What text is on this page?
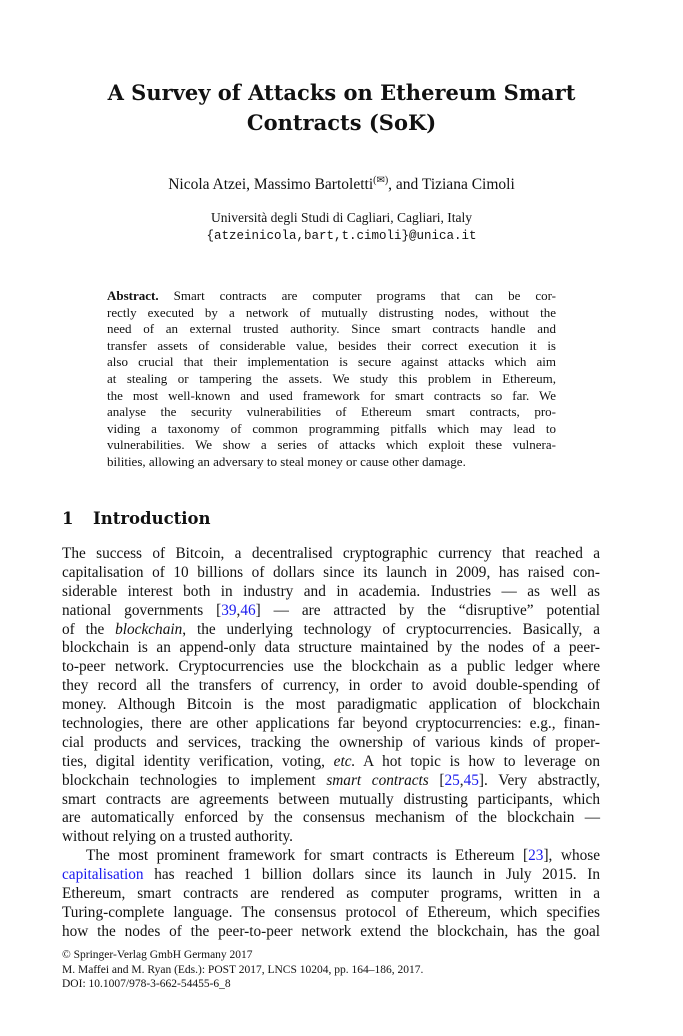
A Survey of Attacks on Ethereum Smart
Contracts (SoK)
Nicola Atzei, Massimo Bartoletti(✉), and Tiziana Cimoli
Università degli Studi di Cagliari, Cagliari, Italy
{atzeinicola,bart,t.cimoli}@unica.it
Abstract. Smart contracts are computer programs that can be cor-
rectly executed by a network of mutually distrusting nodes, without the
need of an external trusted authority. Since smart contracts handle and
transfer assets of considerable value, besides their correct execution it is
also crucial that their implementation is secure against attacks which aim
at stealing or tampering the assets. We study this problem in Ethereum,
the most well-known and used framework for smart contracts so far. We
analyse the security vulnerabilities of Ethereum smart contracts, pro-
viding a taxonomy of common programming pitfalls which may lead to
vulnerabilities. We show a series of attacks which exploit these vulnera-
bilities, allowing an adversary to steal money or cause other damage.
1 Introduction
The success of Bitcoin, a decentralised cryptographic currency that reached a
capitalisation of 10 billions of dollars since its launch in 2009, has raised con-
siderable interest both in industry and in academia. Industries — as well as
national governments [39,46] — are attracted by the “disruptive” potential
of the blockchain, the underlying technology of cryptocurrencies. Basically, a
blockchain is an append-only data structure maintained by the nodes of a peer-
to-peer network. Cryptocurrencies use the blockchain as a public ledger where
they record all the transfers of currency, in order to avoid double-spending of
money. Although Bitcoin is the most paradigmatic application of blockchain
technologies, there are other applications far beyond cryptocurrencies: e.g., finan-
cial products and services, tracking the ownership of various kinds of proper-
ties, digital identity verification, voting, etc. A hot topic is how to leverage on
blockchain technologies to implement smart contracts [25,45]. Very abstractly,
smart contracts are agreements between mutually distrusting participants, which
are automatically enforced by the consensus mechanism of the blockchain —
without relying on a trusted authority.
The most prominent framework for smart contracts is Ethereum [23], whose
capitalisation has reached 1 billion dollars since its launch in July 2015. In
Ethereum, smart contracts are rendered as computer programs, written in a
Turing-complete language. The consensus protocol of Ethereum, which specifies
how the nodes of the peer-to-peer network extend the blockchain, has the goal
© Springer-Verlag GmbH Germany 2017
M. Maffei and M. Ryan (Eds.): POST 2017, LNCS 10204, pp. 164–186, 2017.
DOI: 10.1007/978-3-662-54455-6_8
